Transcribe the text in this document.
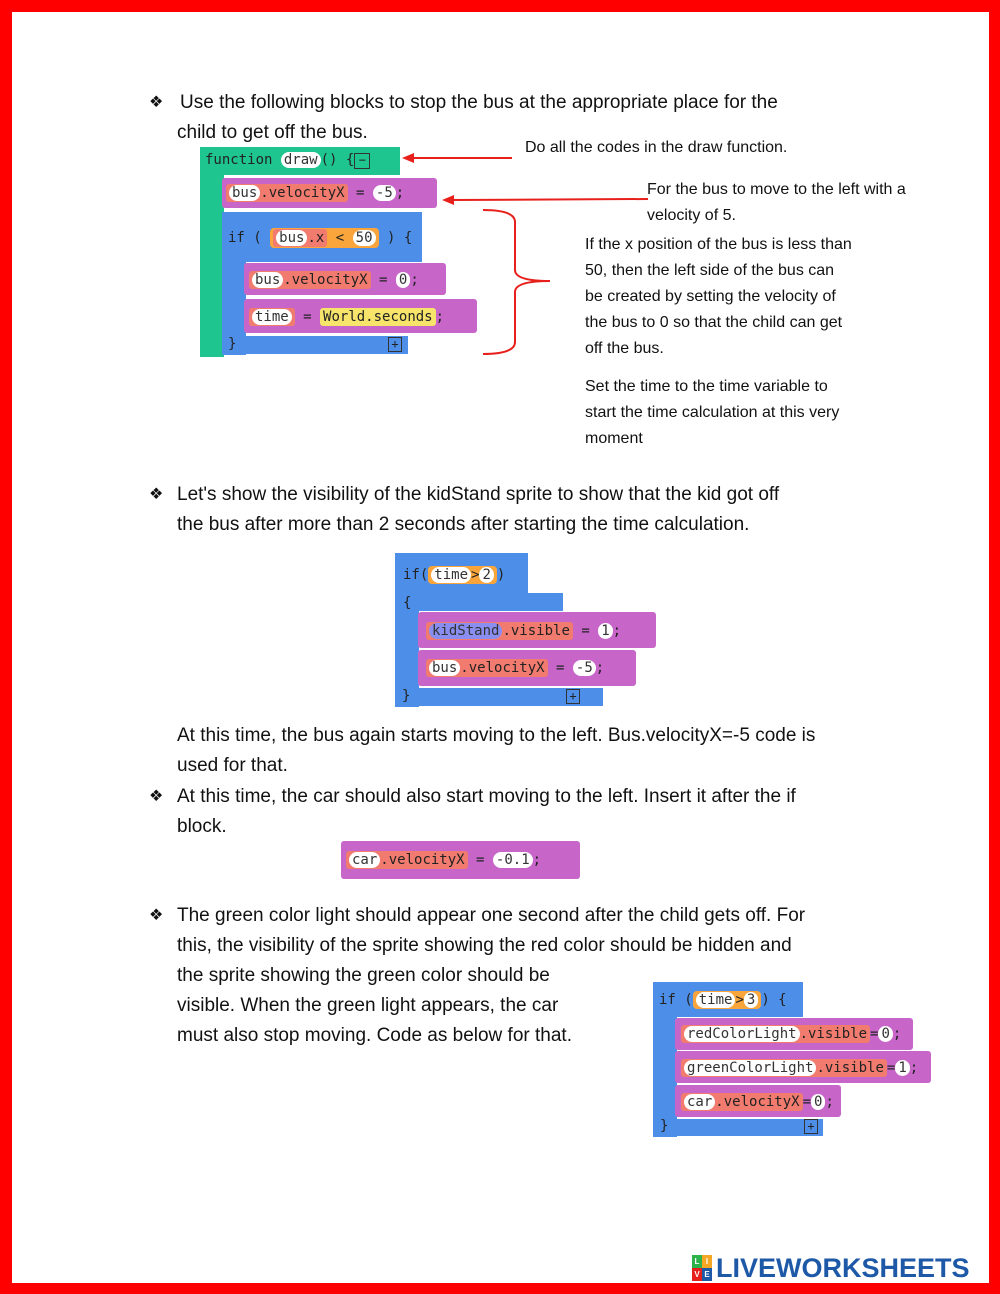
❖ Use the following blocks to stop the bus at the appropriate place for the
child to get off the bus.
function draw () { −
bus .velocityX = -5 ;
if ( bus .x < 50 ) {
bus .velocityX = 0 ;
time = World.seconds ;
}	+
Do all the codes in the draw function.
For the bus to move to the left with a
velocity of 5.
If the x position of the bus is less than
50, then the left side of the bus can
be created by setting the velocity of
the bus to 0 so that the child can get
off the bus.
Set the time to the time variable to
start the time calculation at this very
moment
❖ Let's show the visibility of the kidStand sprite to show that the kid got off
the bus after more than 2 seconds after starting the time calculation.
if( time > 2 )
{
kidStand .visible = 1 ;
bus .velocityX = -5 ;
}	+
At this time, the bus again starts moving to the left. Bus.velocityX=-5 code is
used for that.
❖ At this time, the car should also start moving to the left. Insert it after the if
block.
car .velocityX = -0.1 ;
❖ The green color light should appear one second after the child gets off. For
this, the visibility of the sprite showing the red color should be hidden and
the sprite showing the green color should be
visible. When the green light appears, the car
must also stop moving. Code as below for that.
if ( time > 3 ) {
redColorLight .visible = 0 ;
greenColorLight .visible = 1 ;
car .velocityX = 0 ;
}	+
L I
V E LIVEWORKSHEETS
